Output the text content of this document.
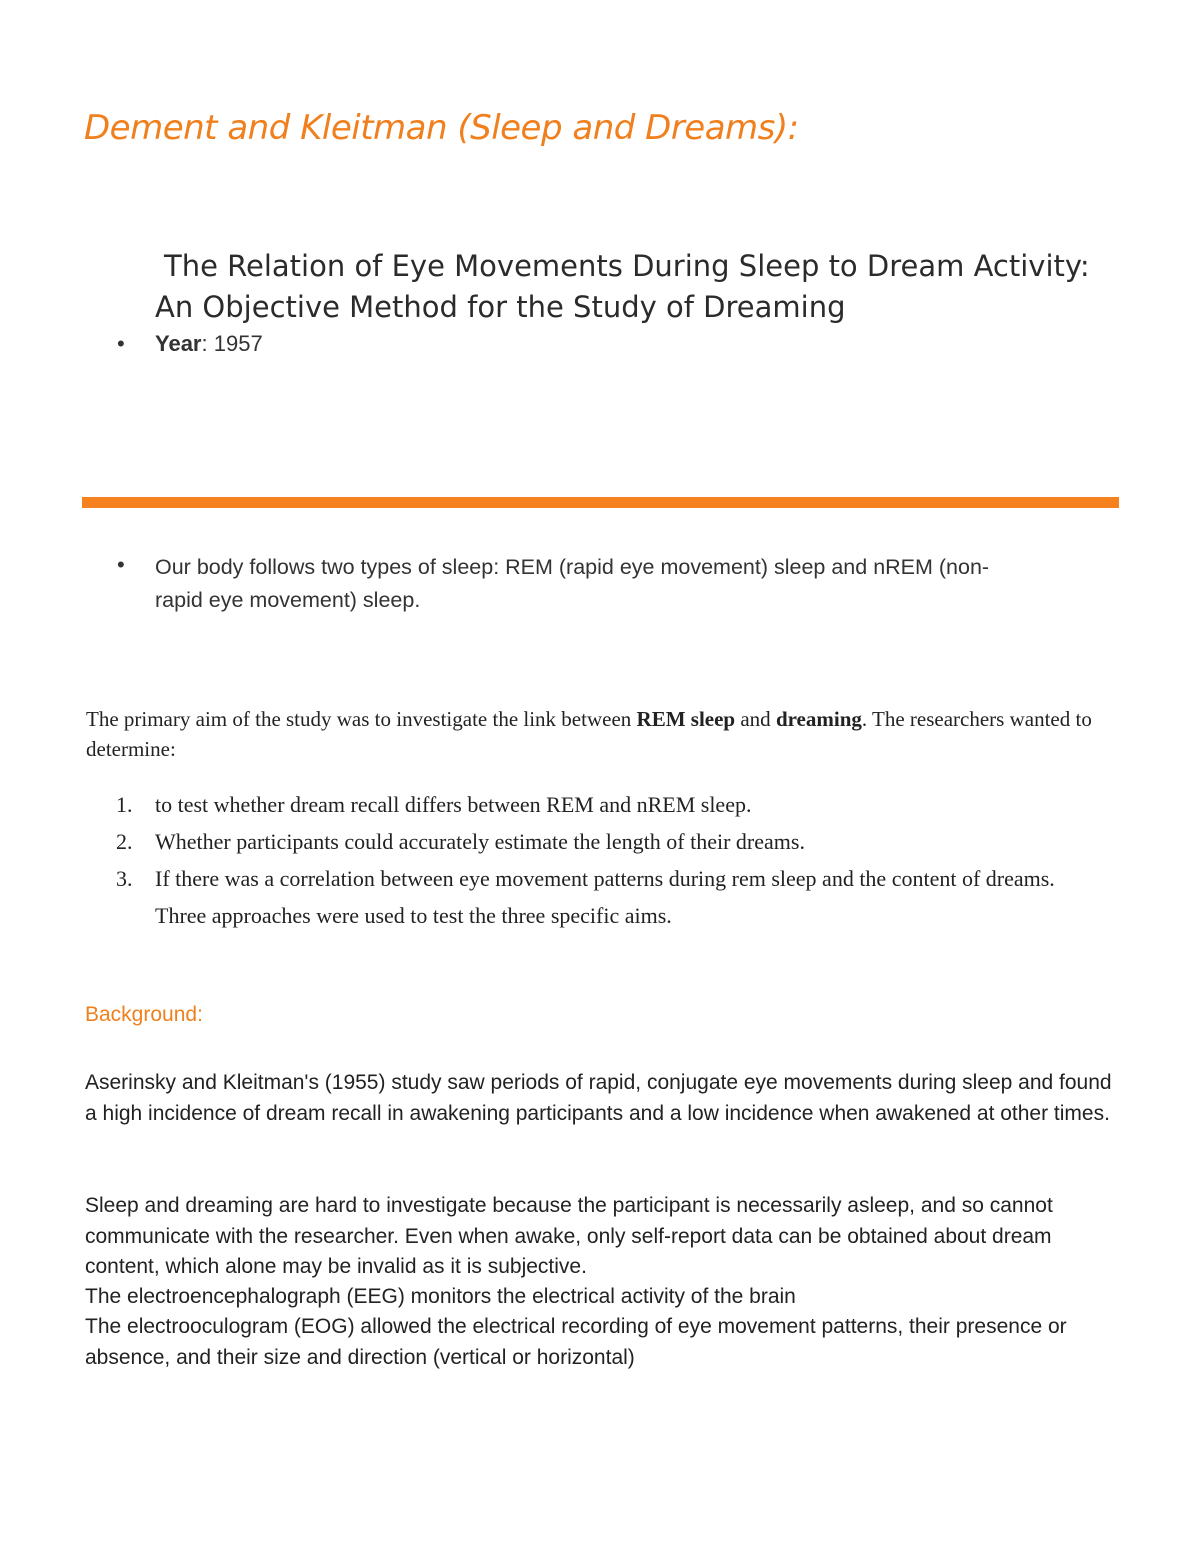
Dement and Kleitman (Sleep and Dreams):
The Relation of Eye Movements During Sleep to Dream Activity:
An Objective Method for the Study of Dreaming
• Year: 1957
• Our body follows two types of sleep: REM (rapid eye movement) sleep and nREM (non-
rapid eye movement) sleep.
The primary aim of the study was to investigate the link between REM sleep and dreaming. The researchers wanted to determine:
1. to test whether dream recall differs between REM and nREM sleep.
2. Whether participants could accurately estimate the length of their dreams.
3. If there was a correlation between eye movement patterns during rem sleep and the content of dreams.
Three approaches were used to test the three specific aims.
Background:
Aserinsky and Kleitman's (1955) study saw periods of rapid, conjugate eye movements during sleep and found a high incidence of dream recall in awakening participants and a low incidence when awakened at other times.
Sleep and dreaming are hard to investigate because the participant is necessarily asleep, and so cannot communicate with the researcher. Even when awake, only self-report data can be obtained about dream content, which alone may be invalid as it is subjective.
The electroencephalograph (EEG) monitors the electrical activity of the brain
The electrooculogram (EOG) allowed the electrical recording of eye movement patterns, their presence or absence, and their size and direction (vertical or horizontal)
